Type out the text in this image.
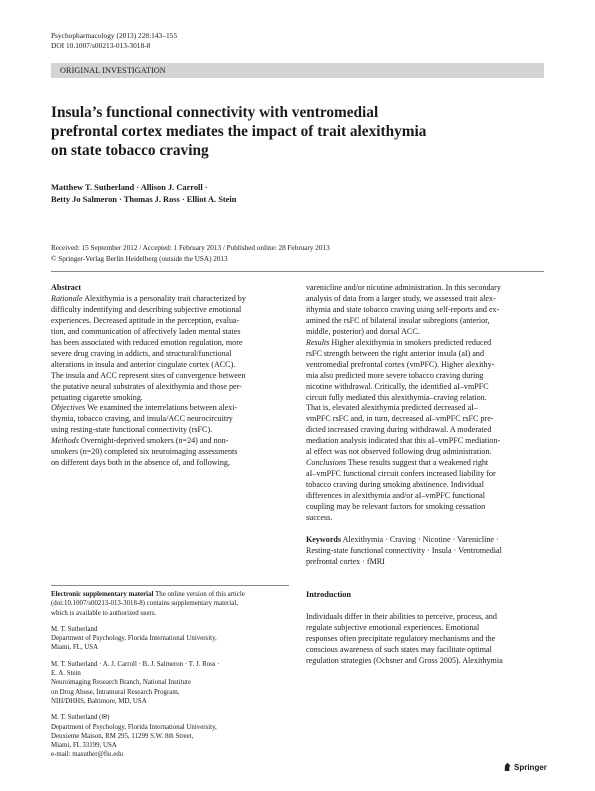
Psychopharmacology (2013) 228:143–155
DOI 10.1007/s00213-013-3018-8
ORIGINAL INVESTIGATION
Insula’s functional connectivity with ventromedial
prefrontal cortex mediates the impact of trait alexithymia
on state tobacco craving
Matthew T. Sutherland · Allison J. Carroll ·
Betty Jo Salmeron · Thomas J. Ross · Elliot A. Stein
Received: 15 September 2012 / Accepted: 1 February 2013 / Published online: 28 February 2013
© Springer-Verlag Berlin Heidelberg (outside the USA) 2013
Abstract
Rationale Alexithymia is a personality trait characterized by
difficulty indentifying and describing subjective emotional
experiences. Decreased aptitude in the perception, evalua-
tion, and communication of affectively laden mental states
has been associated with reduced emotion regulation, more
severe drug craving in addicts, and structural/functional
alterations in insula and anterior cingulate cortex (ACC).
The insula and ACC represent sites of convergence between
the putative neural substrates of alexithymia and those per-
petuating cigarette smoking.
Objectives We examined the interrelations between alexi-
thymia, tobacco craving, and insula/ACC neurocircuitry
using resting-state functional connectivity (rsFC).
Methods Overnight-deprived smokers (n=24) and non-
smokers (n=20) completed six neuroimaging assessments
on different days both in the absence of, and following,
varenicline and/or nicotine administration. In this secondary
analysis of data from a larger study, we assessed trait alex-
ithymia and state tobacco craving using self-reports and ex-
amined the rsFC of bilateral insular subregions (anterior,
middle, posterior) and dorsal ACC.
Results Higher alexithymia in smokers predicted reduced
rsFC strength between the right anterior insula (aI) and
ventromedial prefrontal cortex (vmPFC). Higher alexithy-
mia also predicted more severe tobacco craving during
nicotine withdrawal. Critically, the identified aI–vmPFC
circuit fully mediated this alexithymia–craving relation.
That is, elevated alexithymia predicted decreased aI–
vmPFC rsFC and, in turn, decreased aI–vmPFC rsFC pre-
dicted increased craving during withdrawal. A moderated
mediation analysis indicated that this aI–vmPFC mediation-
al effect was not observed following drug administration.
Conclusions These results suggest that a weakened right
aI–vmPFC functional circuit confers increased liability for
tobacco craving during smoking abstinence. Individual
differences in alexithymia and/or aI–vmPFC functional
coupling may be relevant factors for smoking cessation
success.
Keywords Alexithymia · Craving · Nicotine · Varenicline ·
Resting-state functional connectivity · Insula · Ventromedial
prefrontal cortex · fMRI
Introduction
Individuals differ in their abilities to perceive, process, and
regulate subjective emotional experiences. Emotional
responses often precipitate regulatory mechanisms and the
conscious awareness of such states may facilitate optimal
regulation strategies (Ochsner and Gross 2005). Alexithymia

Electronic supplementary material The online version of this article

(doi:10.1007/s00213-013-3018-8) contains supplementary material,

which is available to authorized users.

M. T. Sutherland

Department of Psychology, Florida International University,

Miami, FL, USA

M. T. Sutherland · A. J. Carroll · B. J. Salmeron · T. J. Ross ·

E. A. Stein

Neuroimaging Research Branch, National Institute

on Drug Abuse, Intramural Research Program,

NIH/DHHS, Baltimore, MD, USA

M. T. Sutherland (✉)

Department of Psychology, Florida International University,

Deuxieme Maison, RM 295, 11299 S.W. 8th Street,

Miami, FL 33199, USA

e-mail: masuther@fiu.edu

Springer
